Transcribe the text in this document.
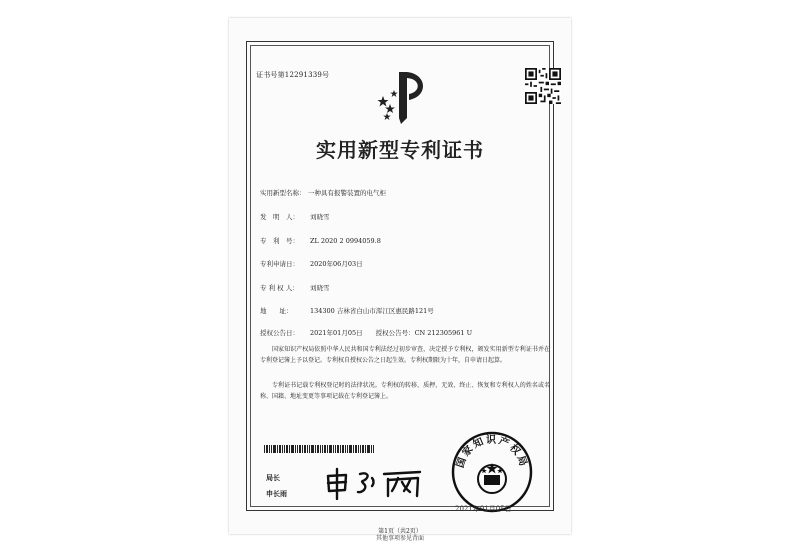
证书号第12291339号
实用新型专利证书
实用新型名称： 一种具有报警装置的电气柜
发　明　人： 刘晓雪
专　利　号： ZL 2020 2 0994059.8
专利申请日： 2020年06月03日
专 利 权 人： 刘晓雪
地　　址：	134300 吉林省白山市浑江区惠民路121号
授权公告日： 2021年01月05日　　授权公告号：CN 212305961 U
国家知识产权局依照中华人民共和国专利法经过初步审查，决定授予专利权，颁发实用新型专利证书并在专利登记簿上予以登记。专利权自授权公告之日起生效。专利权期限为十年，自申请日起算。
专利证书记载专利权登记时的法律状况。专利权的转移、质押、无效、终止、恢复和专利权人的姓名或名称、国籍、地址变更等事项记载在专利登记簿上。
局长
申长雨
国家知识产权局
2021年01月05日
第1页（共2页）
其他事项参见背面
